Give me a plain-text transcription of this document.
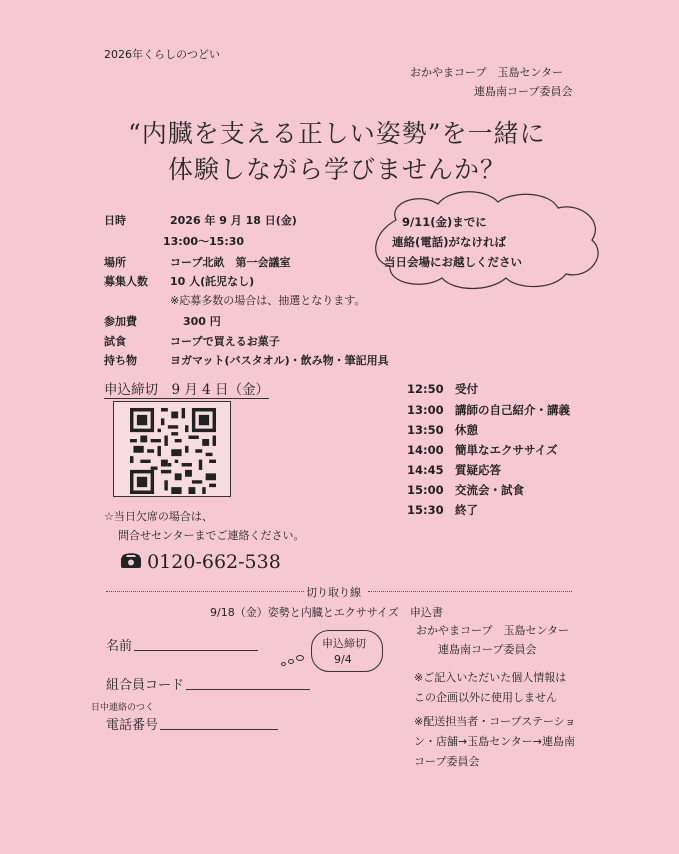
2026年くらしのつどい
おかやまコープ　玉島センター
連島南コープ委員会
“内臓を支える正しい姿勢”を一緒に
体験しながら学びませんか？
日時	2026 年 9 月 18 日(金)
13:00～15:30
場所	コープ北畝　第一会議室
募集人数 10 人(託児なし)
※応募多数の場合は、抽選となります。
参加費	300 円
試食	コープで買えるお菓子
持ち物	ヨガマット(バスタオル)・飲み物・筆記用具
9/11(金)までに
連絡(電話)がなければ
当日会場にお越しください
申込締切　9 月 4 日（金）	12:50 受付
13:00 講師の自己紹介・講義
13:50 休憩
14:00 簡単なエクササイズ
14:45 質疑応答
15:00 交流会・試食
15:30 終了
☆当日欠席の場合は、
問合せセンターまでご連絡ください。
0120-662-538
切り取り線
9/18（金）姿勢と内臓とエクササイズ　申込書
おかやまコープ　玉島センター
連島南コープ委員会
名前	申込締切
9/4
組合員コード
日中連絡のつく
電話番号
※ご記入いただいた個人情報は
この企画以外に使用しません
※配送担当者・コープステーショ
ン・店舗→玉島センター→連島南
コープ委員会
